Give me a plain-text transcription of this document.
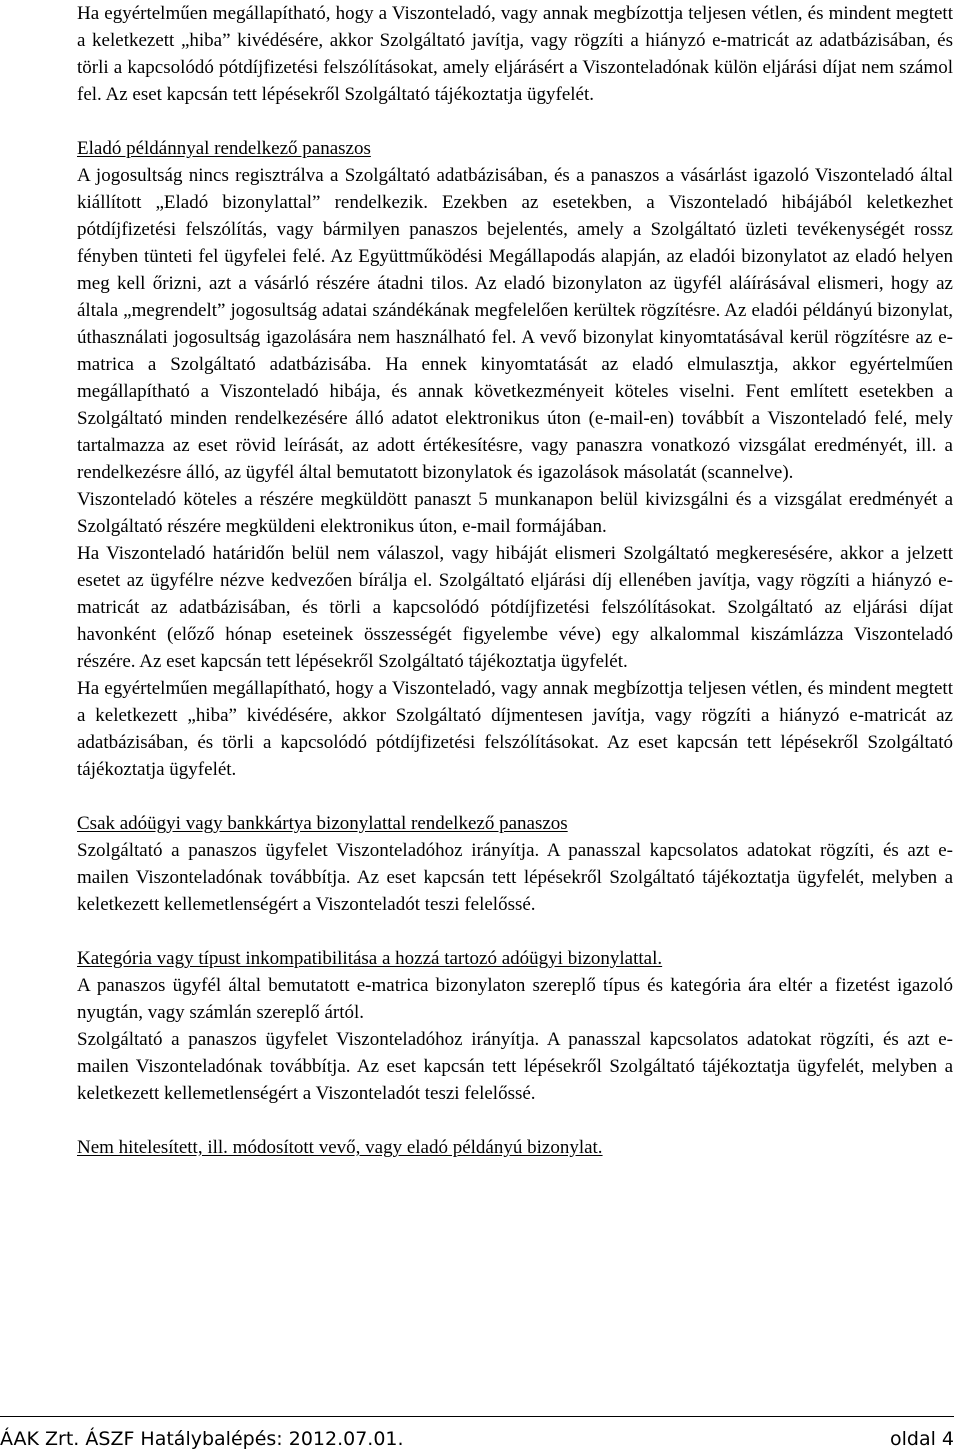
Ha egyértelműen megállapítható, hogy a Viszonteladó, vagy annak megbízottja teljesen vétlen, és mindent megtett a keletkezett „hiba” kivédésére, akkor Szolgáltató javítja, vagy rögzíti a hiányzó e-matricát az adatbázisában, és törli a kapcsolódó pótdíjfizetési felszólításokat, amely eljárásért a Viszonteladónak külön eljárási díjat nem számol fel. Az eset kapcsán tett lépésekről Szolgáltató tájékoztatja ügyfelét.

Eladó példánnyal rendelkező panaszos

A jogosultság nincs regisztrálva a Szolgáltató adatbázisában, és a panaszos a vásárlást igazoló Viszonteladó által kiállított „Eladó bizonylattal” rendelkezik. Ezekben az esetekben, a Viszonteladó hibájából keletkezhet pótdíjfizetési felszólítás, vagy bármilyen panaszos bejelentés, amely a Szolgáltató üzleti tevékenységét rossz fényben tünteti fel ügyfelei felé. Az Együttműködési Megállapodás alapján, az eladói bizonylatot az eladó helyen meg kell őrizni, azt a vásárló részére átadni tilos. Az eladó bizonylaton az ügyfél aláírásával elismeri, hogy az általa „megrendelt” jogosultság adatai szándékának megfelelően kerültek rögzítésre. Az eladói példányú bizonylat, úthasználati jogosultság igazolására nem használható fel. A vevő bizonylat kinyomtatásával kerül rögzítésre az e-matrica a Szolgáltató adatbázisába. Ha ennek kinyomtatását az eladó elmulasztja, akkor egyértelműen megállapítható a Viszonteladó hibája, és annak következményeit köteles viselni. Fent említett esetekben a Szolgáltató minden rendelkezésére álló adatot elektronikus úton (e-mail-en) továbbít a Viszonteladó felé, mely tartalmazza az eset rövid leírását, az adott értékesítésre, vagy panaszra vonatkozó vizsgálat eredményét, ill. a rendelkezésre álló, az ügyfél által bemutatott bizonylatok és igazolások másolatát (scannelve).

Viszonteladó köteles a részére megküldött panaszt 5 munkanapon belül kivizsgálni és a vizsgálat eredményét a Szolgáltató részére megküldeni elektronikus úton, e-mail formájában.

Ha Viszonteladó határidőn belül nem válaszol, vagy hibáját elismeri Szolgáltató megkeresésére, akkor a jelzett esetet az ügyfélre nézve kedvezően bírálja el. Szolgáltató eljárási díj ellenében javítja, vagy rögzíti a hiányzó e-matricát az adatbázisában, és törli a kapcsolódó pótdíjfizetési felszólításokat. Szolgáltató az eljárási díjat havonként (előző hónap eseteinek összességét figyelembe véve) egy alkalommal kiszámlázza Viszonteladó részére. Az eset kapcsán tett lépésekről Szolgáltató tájékoztatja ügyfelét.

Ha egyértelműen megállapítható, hogy a Viszonteladó, vagy annak megbízottja teljesen vétlen, és mindent megtett a keletkezett „hiba” kivédésére, akkor Szolgáltató díjmentesen javítja, vagy rögzíti a hiányzó e-matricát az adatbázisában, és törli a kapcsolódó pótdíjfizetési felszólításokat. Az eset kapcsán tett lépésekről Szolgáltató tájékoztatja ügyfelét.

Csak adóügyi vagy bankkártya bizonylattal rendelkező panaszos

Szolgáltató a panaszos ügyfelet Viszonteladóhoz irányítja. A panasszal kapcsolatos adatokat rögzíti, és azt e-mailen Viszonteladónak továbbítja. Az eset kapcsán tett lépésekről Szolgáltató tájékoztatja ügyfelét, melyben a keletkezett kellemetlenségért a Viszonteladót teszi felelőssé.

Kategória vagy típust inkompatibilitása a hozzá tartozó adóügyi bizonylattal.

A panaszos ügyfél által bemutatott e-matrica bizonylaton szereplő típus és kategória ára eltér a fizetést igazoló nyugtán, vagy számlán szereplő ártól.

Szolgáltató a panaszos ügyfelet Viszonteladóhoz irányítja. A panasszal kapcsolatos adatokat rögzíti, és azt e-mailen Viszonteladónak továbbítja. Az eset kapcsán tett lépésekről Szolgáltató tájékoztatja ügyfelét, melyben a keletkezett kellemetlenségért a Viszonteladót teszi felelőssé.

Nem hitelesített, ill. módosított vevő, vagy eladó példányú bizonylat.

ÁAK Zrt. ÁSZF Hatálybalépés: 2012.07.01.	oldal 4
